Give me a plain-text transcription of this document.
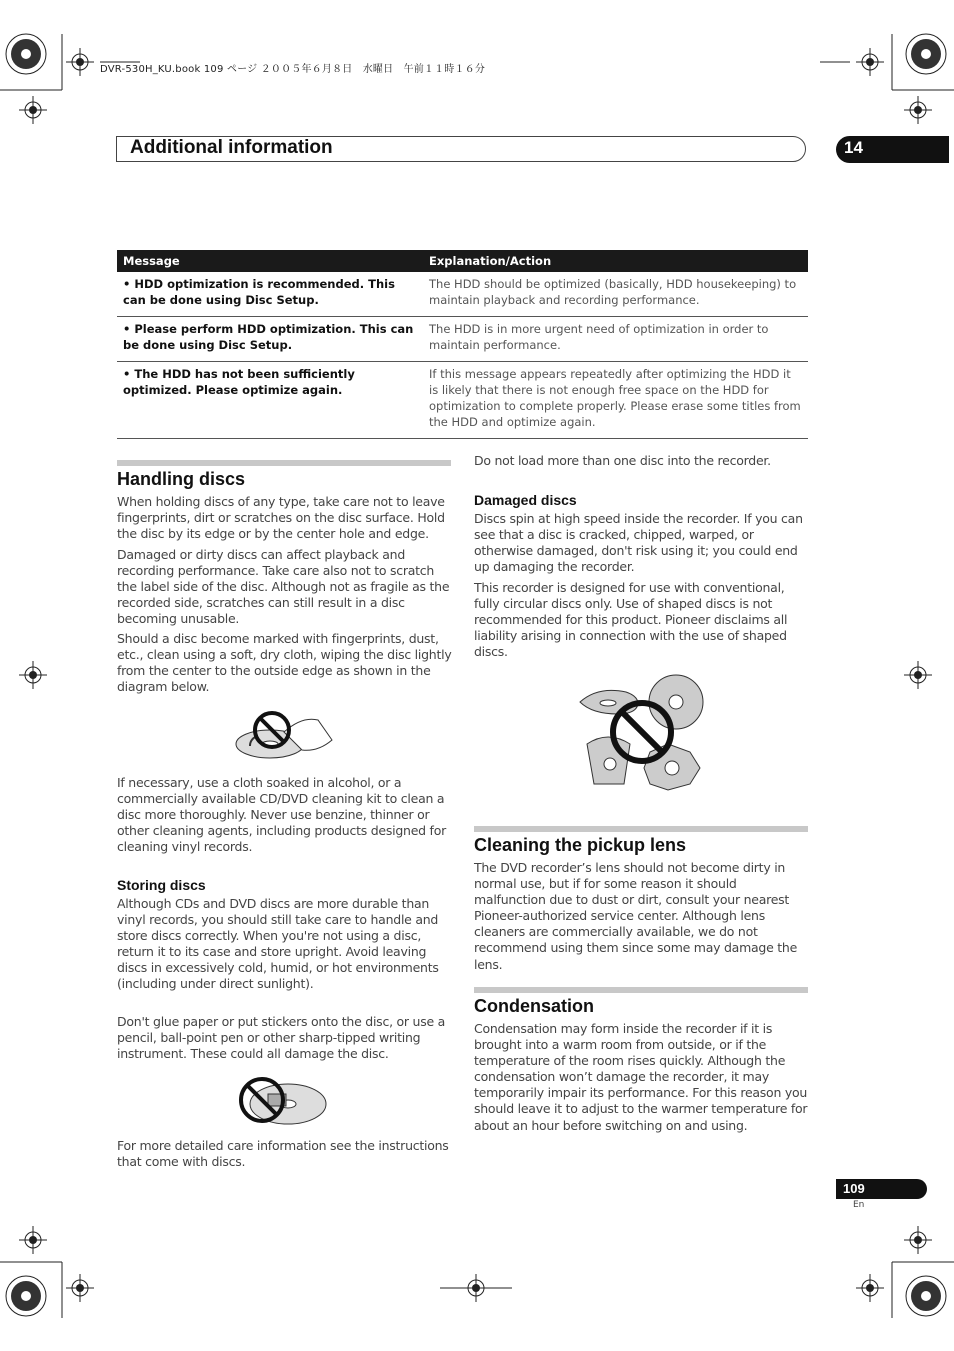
DVR-530H_KU.book 109 ページ ２００５年６月８日　水曜日　午前１１時１６分
Additional information	14
Message	Explanation/Action
• HDD optimization is recommended. This can be done using Disc Setup.	The HDD should be optimized (basically, HDD housekeeping) to maintain playback and recording performance.
• Please perform HDD optimization. This can be done using Disc Setup.	The HDD is in more urgent need of optimization in order to maintain performance.
• The HDD has not been sufficiently optimized. Please optimize again.	If this message appears repeatedly after optimizing the HDD it is likely that there is not enough free space on the HDD for optimization to complete properly. Please erase some titles from the HDD and optimize again.
Handling discs
When holding discs of any type, take care not to leave fingerprints, dirt or scratches on the disc surface. Hold the disc by its edge or by the center hole and edge.
Damaged or dirty discs can affect playback and recording performance. Take care also not to scratch the label side of the disc. Although not as fragile as the recorded side, scratches can still result in a disc becoming unusable.
Should a disc become marked with fingerprints, dust, etc., clean using a soft, dry cloth, wiping the disc lightly from the center to the outside edge as shown in the diagram below.
If necessary, use a cloth soaked in alcohol, or a commercially available CD/DVD cleaning kit to clean a disc more thoroughly. Never use benzine, thinner or other cleaning agents, including products designed for cleaning vinyl records.
Storing discs
Although CDs and DVD discs are more durable than vinyl records, you should still take care to handle and store discs correctly. When you're not using a disc, return it to its case and store upright. Avoid leaving discs in excessively cold, humid, or hot environments (including under direct sunlight).
Don't glue paper or put stickers onto the disc, or use a pencil, ball-point pen or other sharp-tipped writing instrument. These could all damage the disc.
For more detailed care information see the instructions that come with discs.
Do not load more than one disc into the recorder.
Damaged discs
Discs spin at high speed inside the recorder. If you can see that a disc is cracked, chipped, warped, or otherwise damaged, don't risk using it; you could end up damaging the recorder.
This recorder is designed for use with conventional, fully circular discs only. Use of shaped discs is not recommended for this product. Pioneer disclaims all liability arising in connection with the use of shaped discs.
Cleaning the pickup lens
The DVD recorder’s lens should not become dirty in normal use, but if for some reason it should malfunction due to dust or dirt, consult your nearest Pioneer-authorized service center. Although lens cleaners are commercially available, we do not recommend using them since some may damage the lens.
Condensation
Condensation may form inside the recorder if it is brought into a warm room from outside, or if the temperature of the room rises quickly. Although the condensation won’t damage the recorder, it may temporarily impair its performance. For this reason you should leave it to adjust to the warmer temperature for about an hour before switching on and using.
109
En
